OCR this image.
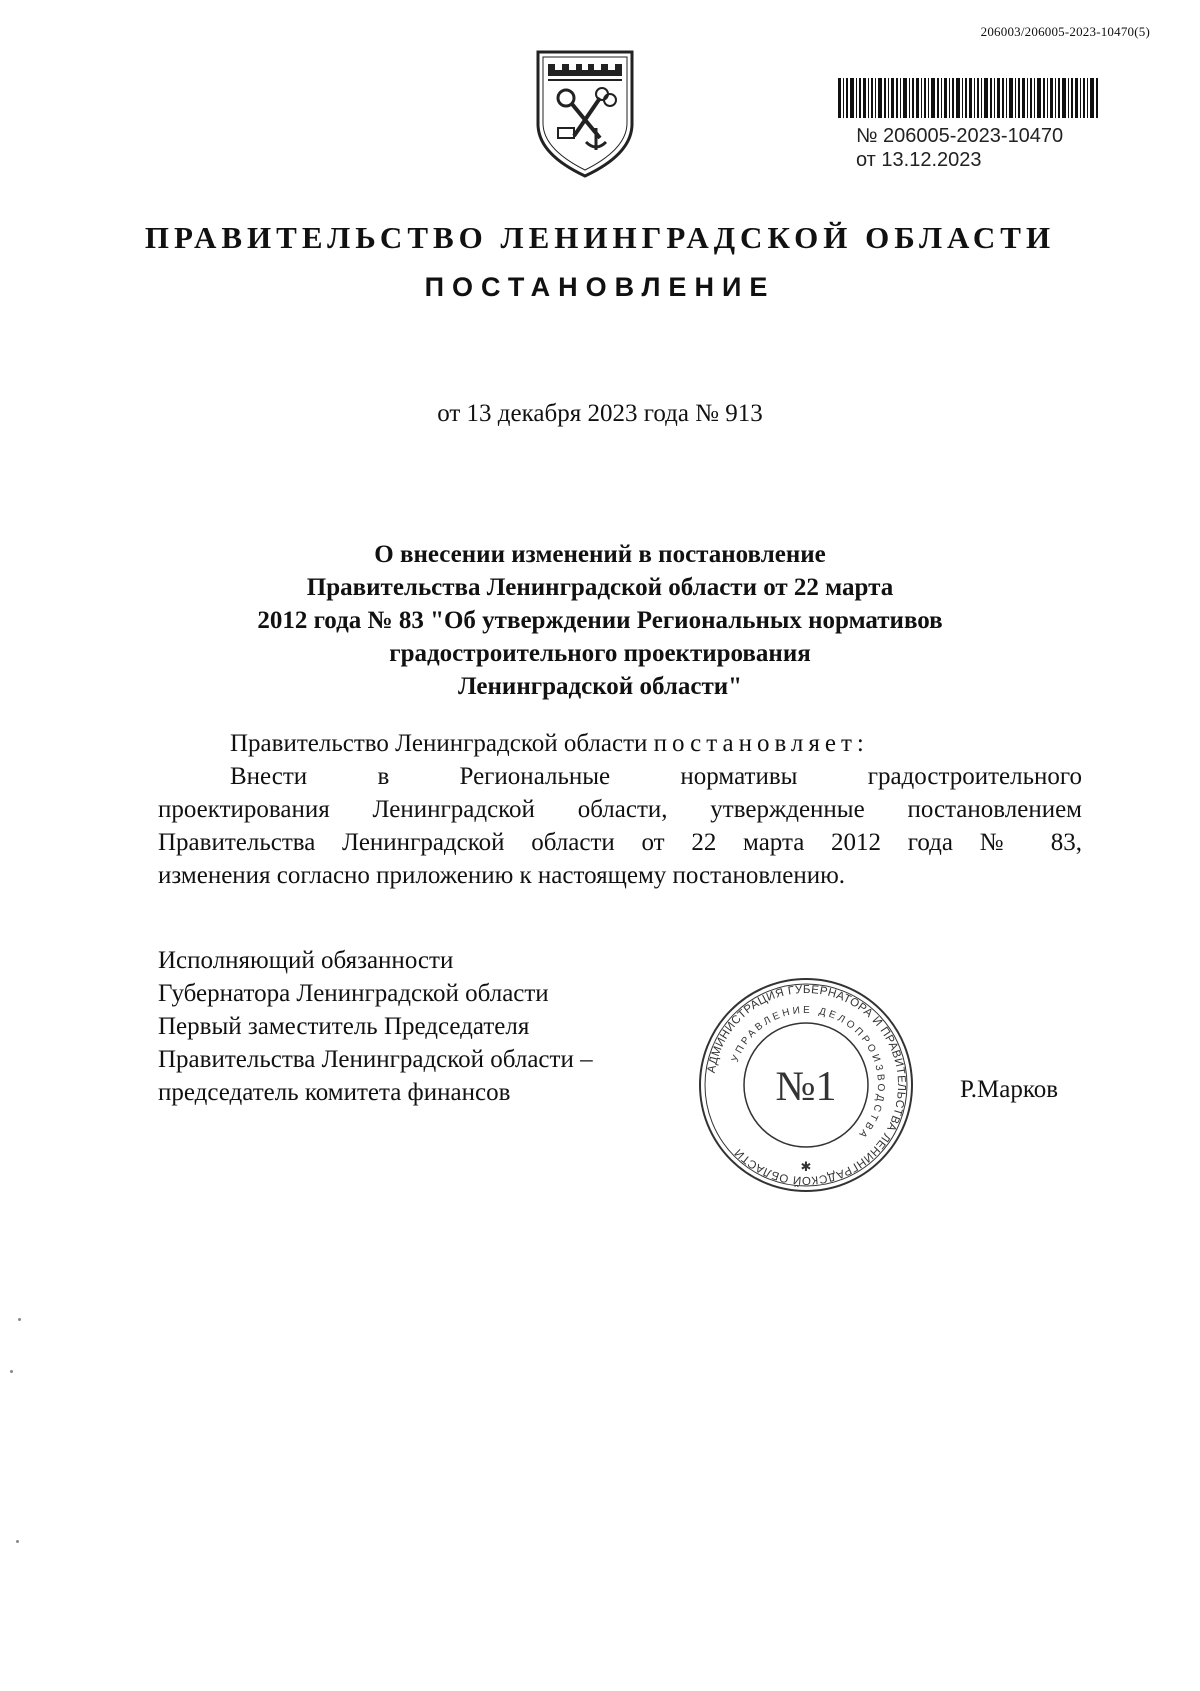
206003/206005-2023-10470(5)
№ 206005-2023-10470
от 13.12.2023
ПРАВИТЕЛЬСТВО ЛЕНИНГРАДСКОЙ ОБЛАСТИ
ПОСТАНОВЛЕНИЕ
от 13 декабря 2023 года № 913
О внесении изменений в постановление
Правительства Ленинградской области от 22 марта
2012 года № 83 "Об утверждении Региональных нормативов
градостроительного проектирования
Ленинградской области"
Правительство Ленинградской области постановляет:
Внести в Региональные нормативы градостроительного
проектирования Ленинградской области, утвержденные постановлением
Правительства Ленинградской области от 22 марта 2012 года № 83,
изменения согласно приложению к настоящему постановлению.
Исполняющий обязанности
Губернатора Ленинградской области
Первый заместитель Председателя
Правительства Ленинградской области –
председатель комитета финансов
АДМИНИСТРАЦИЯ ГУБЕРНАТОРА И ПРАВИТЕЛЬСТВА ЛЕНИНГРАДСКОЙ ОБЛАСТИ
УПРАВЛЕНИЕ ДЕЛОПРОИЗВОДСТВА
№1
✱
Р.Марков
